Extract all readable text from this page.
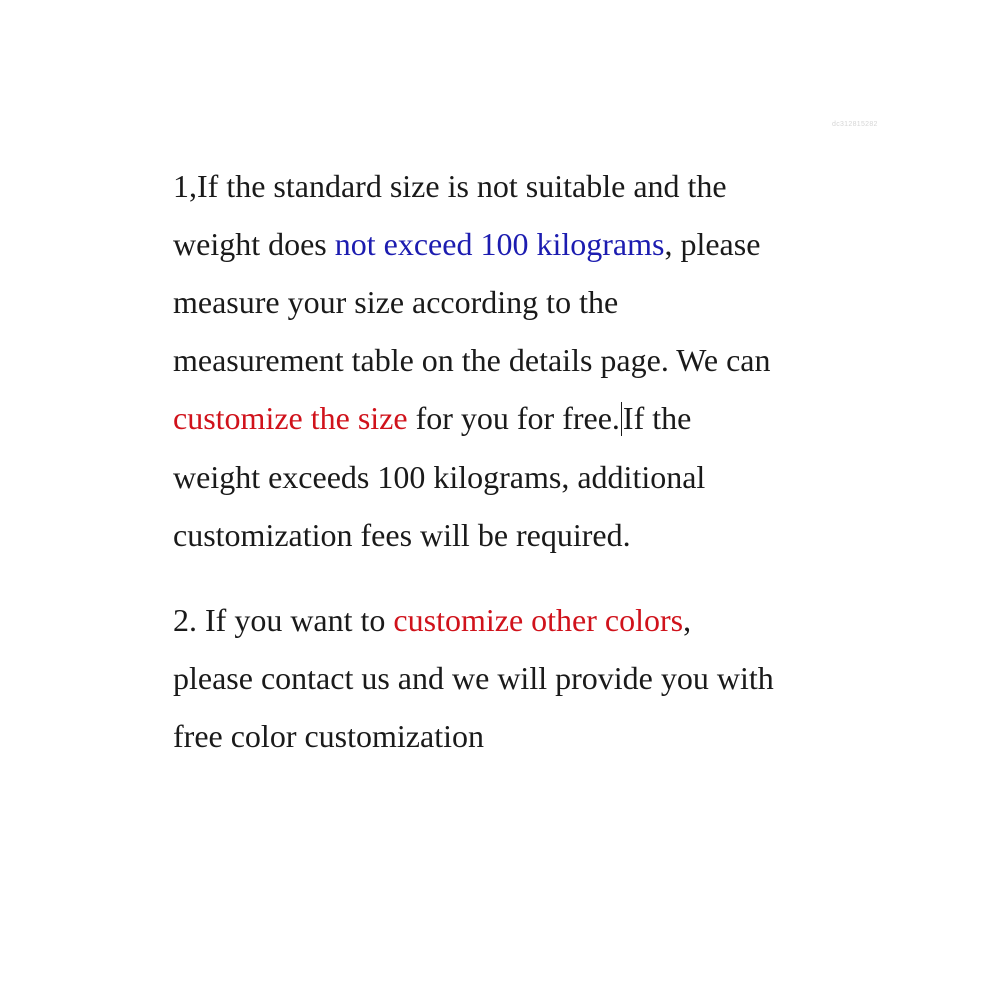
dc312815282
1,If the standard size is not suitable and the
weight does not exceed 100 kilograms, please
measure your size according to the
measurement table on the details page. We can
customize the size for you for free.If the
weight exceeds 100 kilograms, additional
customization fees will be required.
2. If you want to customize other colors,
please contact us and we will provide you with
free color customization
